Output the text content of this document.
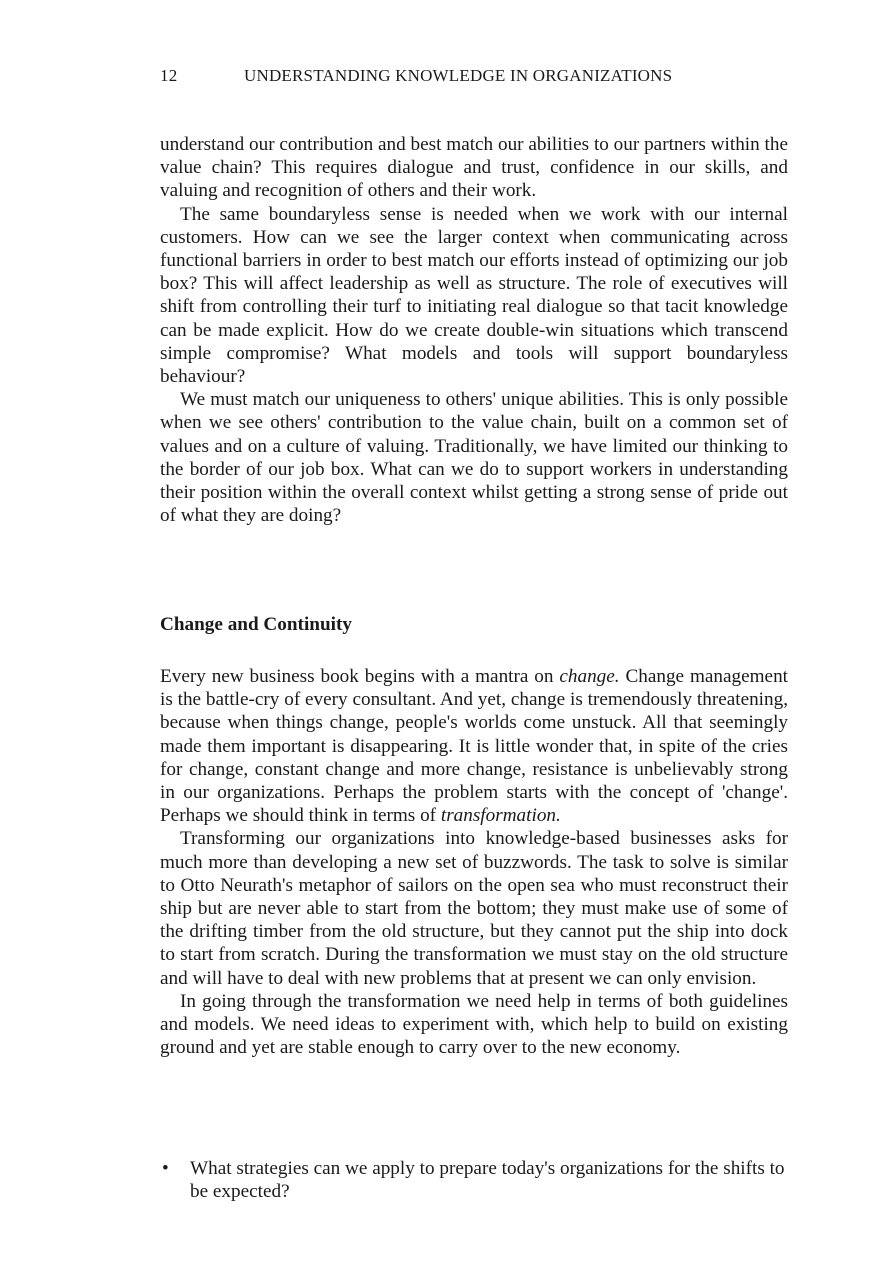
12	UNDERSTANDING KNOWLEDGE IN ORGANIZATIONS

understand our contribution and best match our abilities to our partners within the value chain? This requires dialogue and trust, confidence in our skills, and valuing and recognition of others and their work.

The same boundaryless sense is needed when we work with our internal customers. How can we see the larger context when communicating across functional barriers in order to best match our efforts instead of optimizing our job box? This will affect leadership as well as structure. The role of executives will shift from controlling their turf to initiating real dialogue so that tacit knowledge can be made explicit. How do we create double-win situations which transcend simple compromise? What models and tools will support boundaryless behaviour?

We must match our uniqueness to others' unique abilities. This is only possible when we see others' contribution to the value chain, built on a common set of values and on a culture of valuing. Traditionally, we have limited our thinking to the border of our job box. What can we do to support workers in understanding their position within the overall context whilst getting a strong sense of pride out of what they are doing?

Change and Continuity

Every new business book begins with a mantra on change. Change management is the battle-cry of every consultant. And yet, change is tremendously threatening, because when things change, people's worlds come unstuck. All that seemingly made them important is disappearing. It is little wonder that, in spite of the cries for change, constant change and more change, resistance is unbelievably strong in our organizations. Perhaps the problem starts with the concept of 'change'. Perhaps we should think in terms of transformation.

Transforming our organizations into knowledge-based businesses asks for much more than developing a new set of buzzwords. The task to solve is similar to Otto Neurath's metaphor of sailors on the open sea who must reconstruct their ship but are never able to start from the bottom; they must make use of some of the drifting timber from the old structure, but they cannot put the ship into dock to start from scratch. During the transformation we must stay on the old structure and will have to deal with new problems that at present we can only envision.

In going through the transformation we need help in terms of both guidelines and models. We need ideas to experiment with, which help to build on existing ground and yet are stable enough to carry over to the new economy.

• What strategies can we apply to prepare today's organizations for the shifts to be expected?
